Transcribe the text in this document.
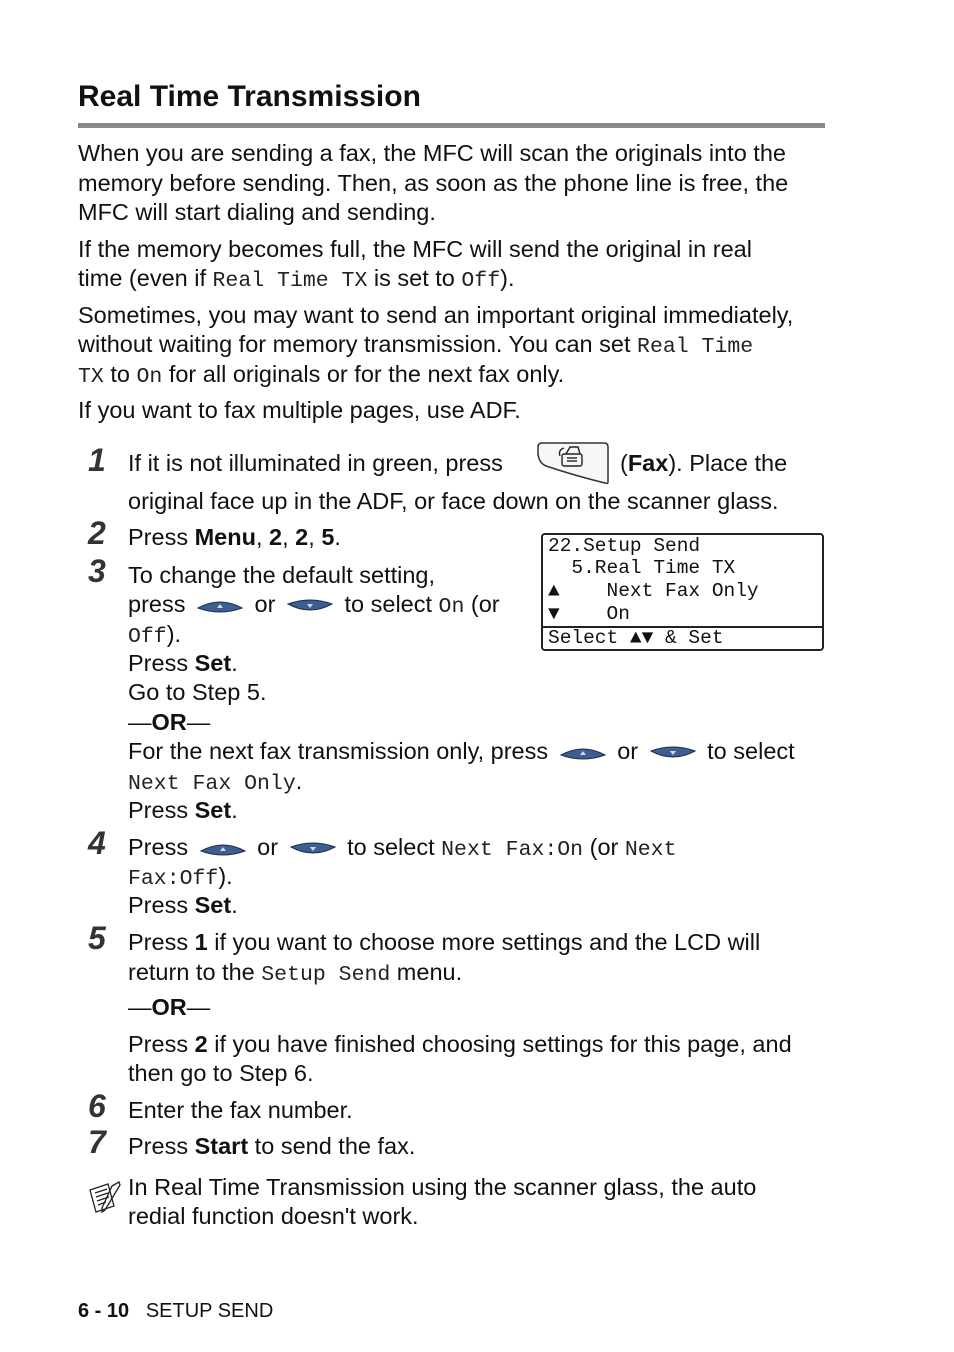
Real Time Transmission
When you are sending a fax, the MFC will scan the originals into the
memory before sending. Then, as soon as the phone line is free, the
MFC will start dialing and sending.
If the memory becomes full, the MFC will send the original in real
time (even if Real Time TX is set to Off).
Sometimes, you may want to send an important original immediately,
without waiting for memory transmission. You can set Real Time
TX to On for all originals or for the next fax only.
If you want to fax multiple pages, use ADF.
1 If it is not illuminated in green, press	(Fax). Place the
original face up in the ADF, or face down on the scanner glass.
2 Press Menu, 2, 2, 5.	22.Setup Send
5.Real Time TX
▲    Next Fax Only
▼    On
Select ▲▼ & Set
3 To change the default setting,
press	or	to select On (or
Off).
Press Set.
Go to Step 5.
—OR—
For the next fax transmission only, press	or	to select
Next Fax Only.
Press Set.
4 Press	or	to select Next Fax:On (or Next
Fax:Off).
Press Set.
5 Press 1 if you want to choose more settings and the LCD will
return to the Setup Send menu.
—OR—
Press 2 if you have finished choosing settings for this page, and
then go to Step 6.
6 Enter the fax number.
7 Press Start to send the fax.
In Real Time Transmission using the scanner glass, the auto
redial function doesn't work.
6 - 10 SETUP SEND
